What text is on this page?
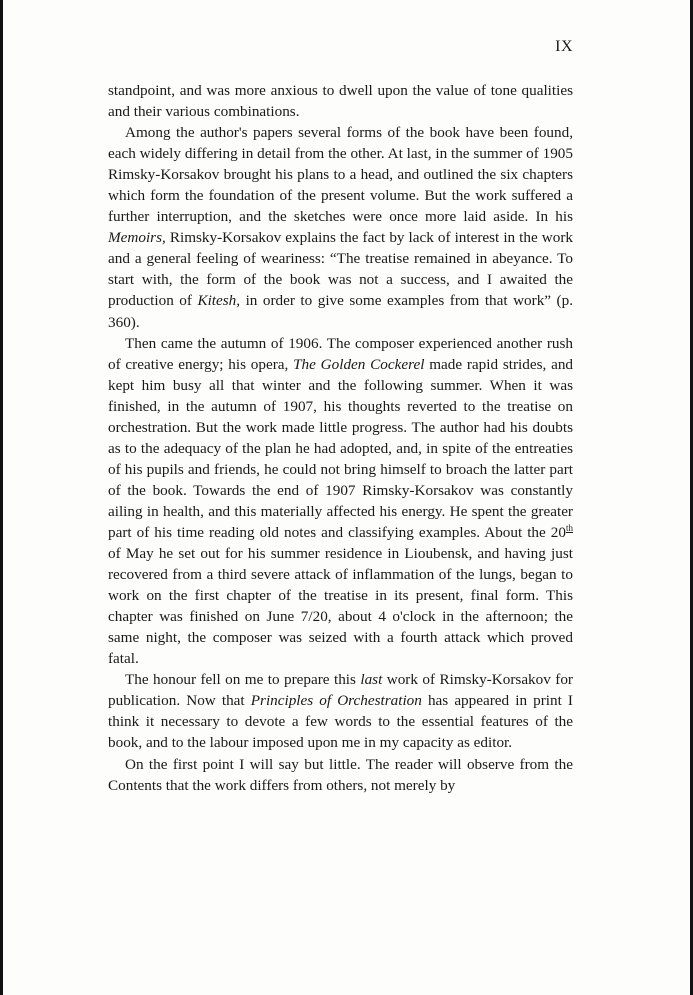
IX

standpoint, and was more anxious to dwell upon the value of tone qualities and their various combinations.

Among the author's papers several forms of the book have been found, each widely differing in detail from the other. At last, in the summer of 1905 Rimsky-Korsakov brought his plans to a head, and outlined the six chapters which form the foundation of the present volume. But the work suffered a further interruption, and the sketches were once more laid aside. In his Memoirs, Rimsky-Korsakov explains the fact by lack of interest in the work and a general feeling of weariness: “The treatise remained in abeyance. To start with, the form of the book was not a success, and I awaited the production of Kitesh, in order to give some examples from that work” (p. 360).

Then came the autumn of 1906. The composer experienced another rush of creative energy; his opera, The Golden Cockerel made rapid strides, and kept him busy all that winter and the following summer. When it was finished, in the autumn of 1907, his thoughts reverted to the treatise on orchestration. But the work made little progress. The author had his doubts as to the adequacy of the plan he had adopted, and, in spite of the entreaties of his pupils and friends, he could not bring himself to broach the latter part of the book. Towards the end of 1907 Rimsky-Korsakov was constantly ailing in health, and this materially affected his energy. He spent the greater part of his time reading old notes and classifying examples. About the 20th of May he set out for his summer residence in Lioubensk, and having just recovered from a third severe attack of inflammation of the lungs, began to work on the first chapter of the treatise in its present, final form. This chapter was finished on June 7/20, about 4 o'clock in the afternoon; the same night, the composer was seized with a fourth attack which proved fatal.

The honour fell on me to prepare this last work of Rimsky-Korsakov for publication. Now that Principles of Orchestration has appeared in print I think it necessary to devote a few words to the essential features of the book, and to the labour imposed upon me in my capacity as editor.

On the first point I will say but little. The reader will observe from the Contents that the work differs from others, not merely by
